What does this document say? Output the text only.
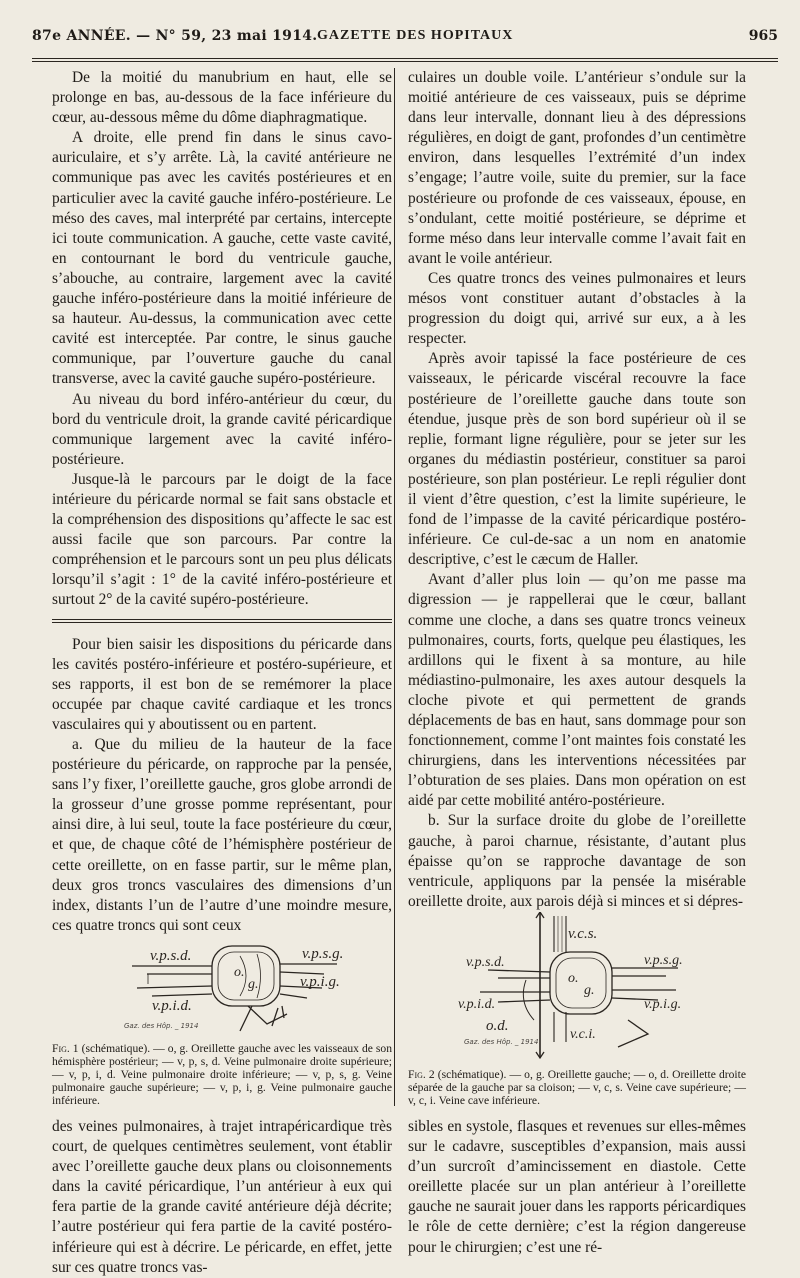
87e ANNÉE. — N° 59, 23 mai 1914. GAZETTE DES HOPITAUX	965

De la moitié du manubrium en haut, elle se prolonge en bas, au-dessous de la face inférieure du cœur, au-dessous même du dôme diaphragmatique.

A droite, elle prend fin dans le sinus cavo-auriculaire, et s’y arrête. Là, la cavité antérieure ne communique pas avec les cavités postérieures et en particulier avec la cavité gauche inféro-postérieure. Le méso des caves, mal interprété par certains, intercepte ici toute communication. A gauche, cette vaste cavité, en contournant le bord du ventricule gauche, s’abouche, au contraire, largement avec la cavité gauche inféro-postérieure dans la moitié inférieure de sa hauteur. Au-dessus, la communication avec cette cavité est interceptée. Par contre, le sinus gauche communique, par l’ouverture gauche du canal transverse, avec la cavité gauche supéro-postérieure.

Au niveau du bord inféro-antérieur du cœur, du bord du ventricule droit, la grande cavité péricardique communique largement avec la cavité inféro-postérieure.

Jusque-là le parcours par le doigt de la face intérieure du péricarde normal se fait sans obstacle et la compréhension des dispositions qu’affecte le sac est aussi facile que son parcours. Par contre la compréhension et le parcours sont un peu plus délicats lorsqu’il s’agit : 1° de la cavité inféro-postérieure et surtout 2° de la cavité supéro-postérieure.

Pour bien saisir les dispositions du péricarde dans les cavités postéro-inférieure et postéro-supérieure, et ses rapports, il est bon de se remémorer la place occupée par chaque cavité cardiaque et les troncs vasculaires qui y aboutissent ou en partent.

a. Que du milieu de la hauteur de la face postérieure du péricarde, on rapproche par la pensée, sans l’y fixer, l’oreillette gauche, gros globe arrondi de la grosseur d’une grosse pomme représentant, pour ainsi dire, à lui seul, toute la face postérieure du cœur, et que, de chaque côté de l’hémisphère postérieur de cette oreillette, on en fasse partir, sur le même plan, deux gros troncs vasculaires des dimensions d’un index, distants l’un de l’autre d’une moindre mesure, ces quatre troncs qui sont ceux

v.p.s.d.
v.p.i.d.
o.
g.
v.p.s.g.
v.p.i.g.
Gaz. des Hôp. _ 1914
Fig. 1 (schématique). — o, g. Oreillette gauche avec les vaisseaux de son hémisphère postérieur; — v, p, s, d. Veine pulmonaire droite supérieure; — v, p, i, d. Veine pulmonaire droite inférieure; — v, p, s, g. Veine pulmonaire gauche supérieure; — v, p, i, g. Veine pulmonaire gauche inférieure.

des veines pulmonaires, à trajet intrapéricardique très court, de quelques centimètres seulement, vont établir avec l’oreillette gauche deux plans ou cloisonnements dans la cavité péricardique, l’un antérieur à eux qui fera partie de la grande cavité antérieure déjà décrite; l’autre postérieur qui fera partie de la cavité postéro-inférieure qui est à décrire. Le péricarde, en effet, jette sur ces quatre troncs vas-

culaires un double voile. L’antérieur s’ondule sur la moitié antérieure de ces vaisseaux, puis se déprime dans leur intervalle, donnant lieu à des dépressions régulières, en doigt de gant, profondes d’un centimètre environ, dans lesquelles l’extrémité d’un index s’engage; l’autre voile, suite du premier, sur la face postérieure ou profonde de ces vaisseaux, épouse, en s’ondulant, cette moitié postérieure, se déprime et forme méso dans leur intervalle comme l’avait fait en avant le voile antérieur.

Ces quatre troncs des veines pulmonaires et leurs mésos vont constituer autant d’obstacles à la progression du doigt qui, arrivé sur eux, a à les respecter.

Après avoir tapissé la face postérieure de ces vaisseaux, le péricarde viscéral recouvre la face postérieure de l’oreillette gauche dans toute son étendue, jusque près de son bord supérieur où il se replie, formant ligne régulière, pour se jeter sur les organes du médiastin postérieur, constituer sa paroi postérieure, son plan postérieur. Le repli régulier dont il vient d’être question, c’est la limite supérieure, le fond de l’impasse de la cavité péricardique postéro-inférieure. Ce cul-de-sac a un nom en anatomie descriptive, c’est le cæcum de Haller.

Avant d’aller plus loin — qu’on me passe ma digression — je rappellerai que le cœur, ballant comme une cloche, a dans ses quatre troncs veineux pulmonaires, courts, forts, quelque peu élastiques, les ardillons qui le fixent à sa monture, au hile médiastino-pulmonaire, les axes autour desquels la cloche pivote et qui permettent de grands déplacements de bas en haut, sans dommage pour son fonctionnement, comme l’ont maintes fois constaté les chirurgiens, dans les interventions nécessitées par l’obturation de ses plaies. Dans mon opération on est aidé par cette mobilité antéro-postérieure.

b. Sur la surface droite du globe de l’oreillette gauche, à paroi charnue, résistante, d’autant plus épaisse qu’on se rapproche davantage de son ventricule, appliquons par la pensée la misérable oreillette droite, aux parois déjà si minces et si dépres-

v.c.s.
v.p.s.d.
v.p.i.d.
o.
g.
o.d.
v.c.i.
v.p.s.g.
v.p.i.g.
Gaz. des Hôp. _ 1914
Fig. 2 (schématique). — o, g. Oreillette gauche; — o, d. Oreillette droite séparée de la gauche par sa cloison; — v, c, s. Veine cave supérieure; — v, c, i. Veine cave inférieure.

sibles en systole, flasques et revenues sur elles-mêmes sur le cadavre, susceptibles d’expansion, mais aussi d’un surcroît d’amincissement en diastole. Cette oreillette placée sur un plan antérieur à l’oreillette gauche ne saurait jouer dans les rapports péricardiques le rôle de cette dernière; c’est la région dangereuse pour le chirurgien; c’est une ré-
